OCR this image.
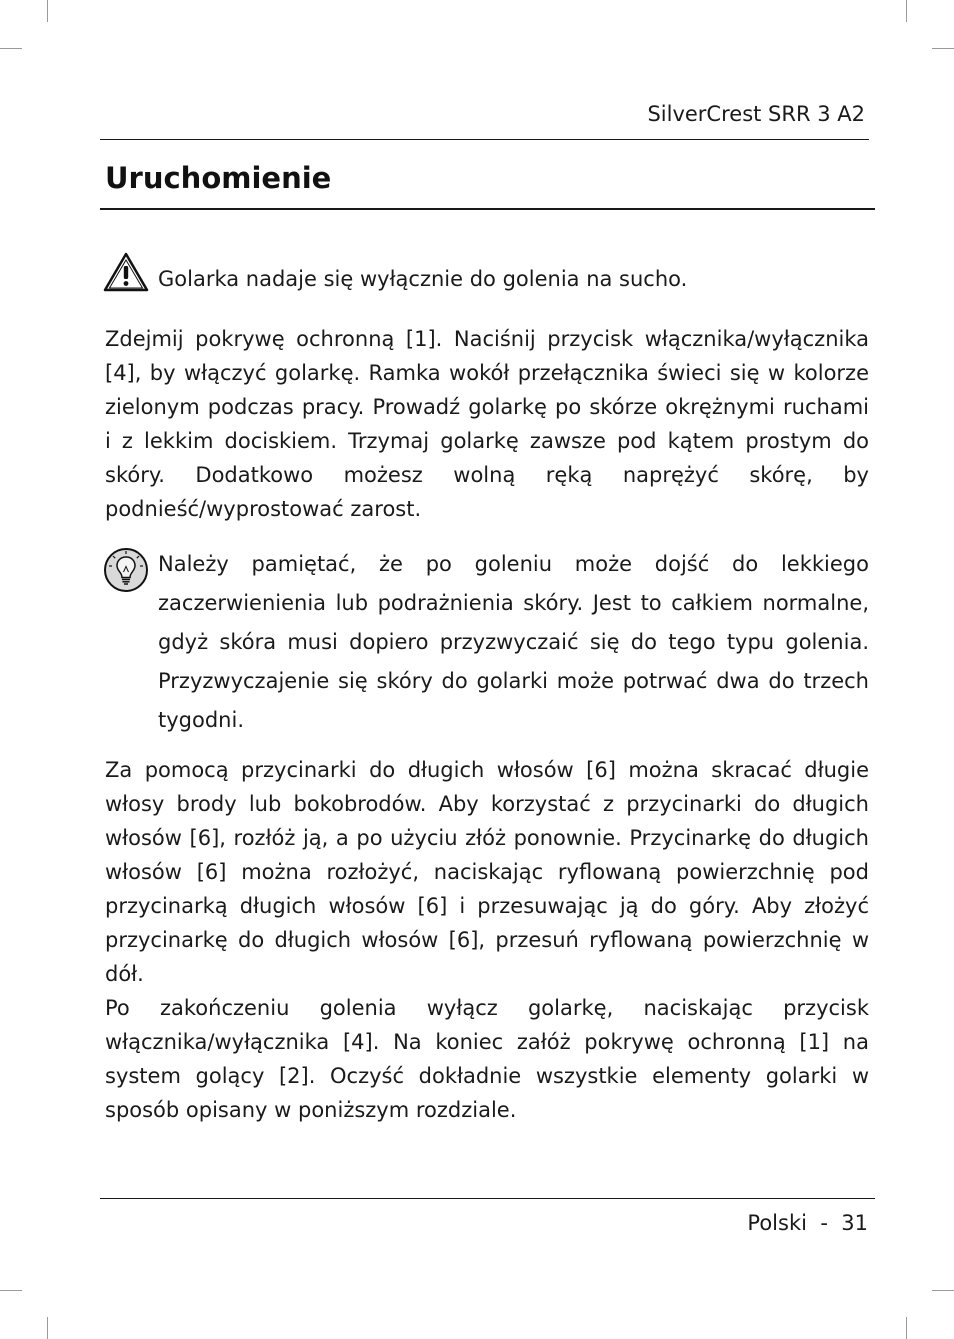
SilverCrest SRR 3 A2
Uruchomienie
Golarka nadaje się wyłącznie do golenia na sucho.

Zdejmij pokrywę ochronną [1]. Naciśnij przycisk włącznika/wyłącznika [4], by włączyć golarkę. Ramka wokół przełącznika świeci się w kolorze zielonym podczas pracy. Prowadź golarkę po skórze okrężnymi ruchami i z lekkim dociskiem. Trzymaj golarkę zawsze pod kątem prostym do skóry. Dodatkowo możesz wolną ręką naprężyć skórę, by podnieść/wyprostować zarost.

Należy pamiętać, że po goleniu może dojść do lekkiego zaczerwienienia lub podrażnienia skóry. Jest to całkiem normalne, gdyż skóra musi dopiero przyzwyczaić się do tego typu golenia. Przyzwyczajenie się skóry do golarki może potrwać dwa do trzech tygodni.

Za pomocą przycinarki do długich włosów [6] można skracać długie włosy brody lub bokobrodów. Aby korzystać z przycinarki do długich włosów [6], rozłóż ją, a po użyciu złóż ponownie. Przycinarkę do długich włosów [6] można rozłożyć, naciskając ryflowaną powierzchnię pod przycinarką długich włosów [6] i przesuwając ją do góry. Aby złożyć przycinarkę do długich włosów [6], przesuń ryflowaną powierzchnię w dół.

Po zakończeniu golenia wyłącz golarkę, naciskając przycisk włącznika/wyłącznika [4]. Na koniec załóż pokrywę ochronną [1] na system golący [2]. Oczyść dokładnie wszystkie elementy golarki w sposób opisany w poniższym rozdziale.

Polski - 31
